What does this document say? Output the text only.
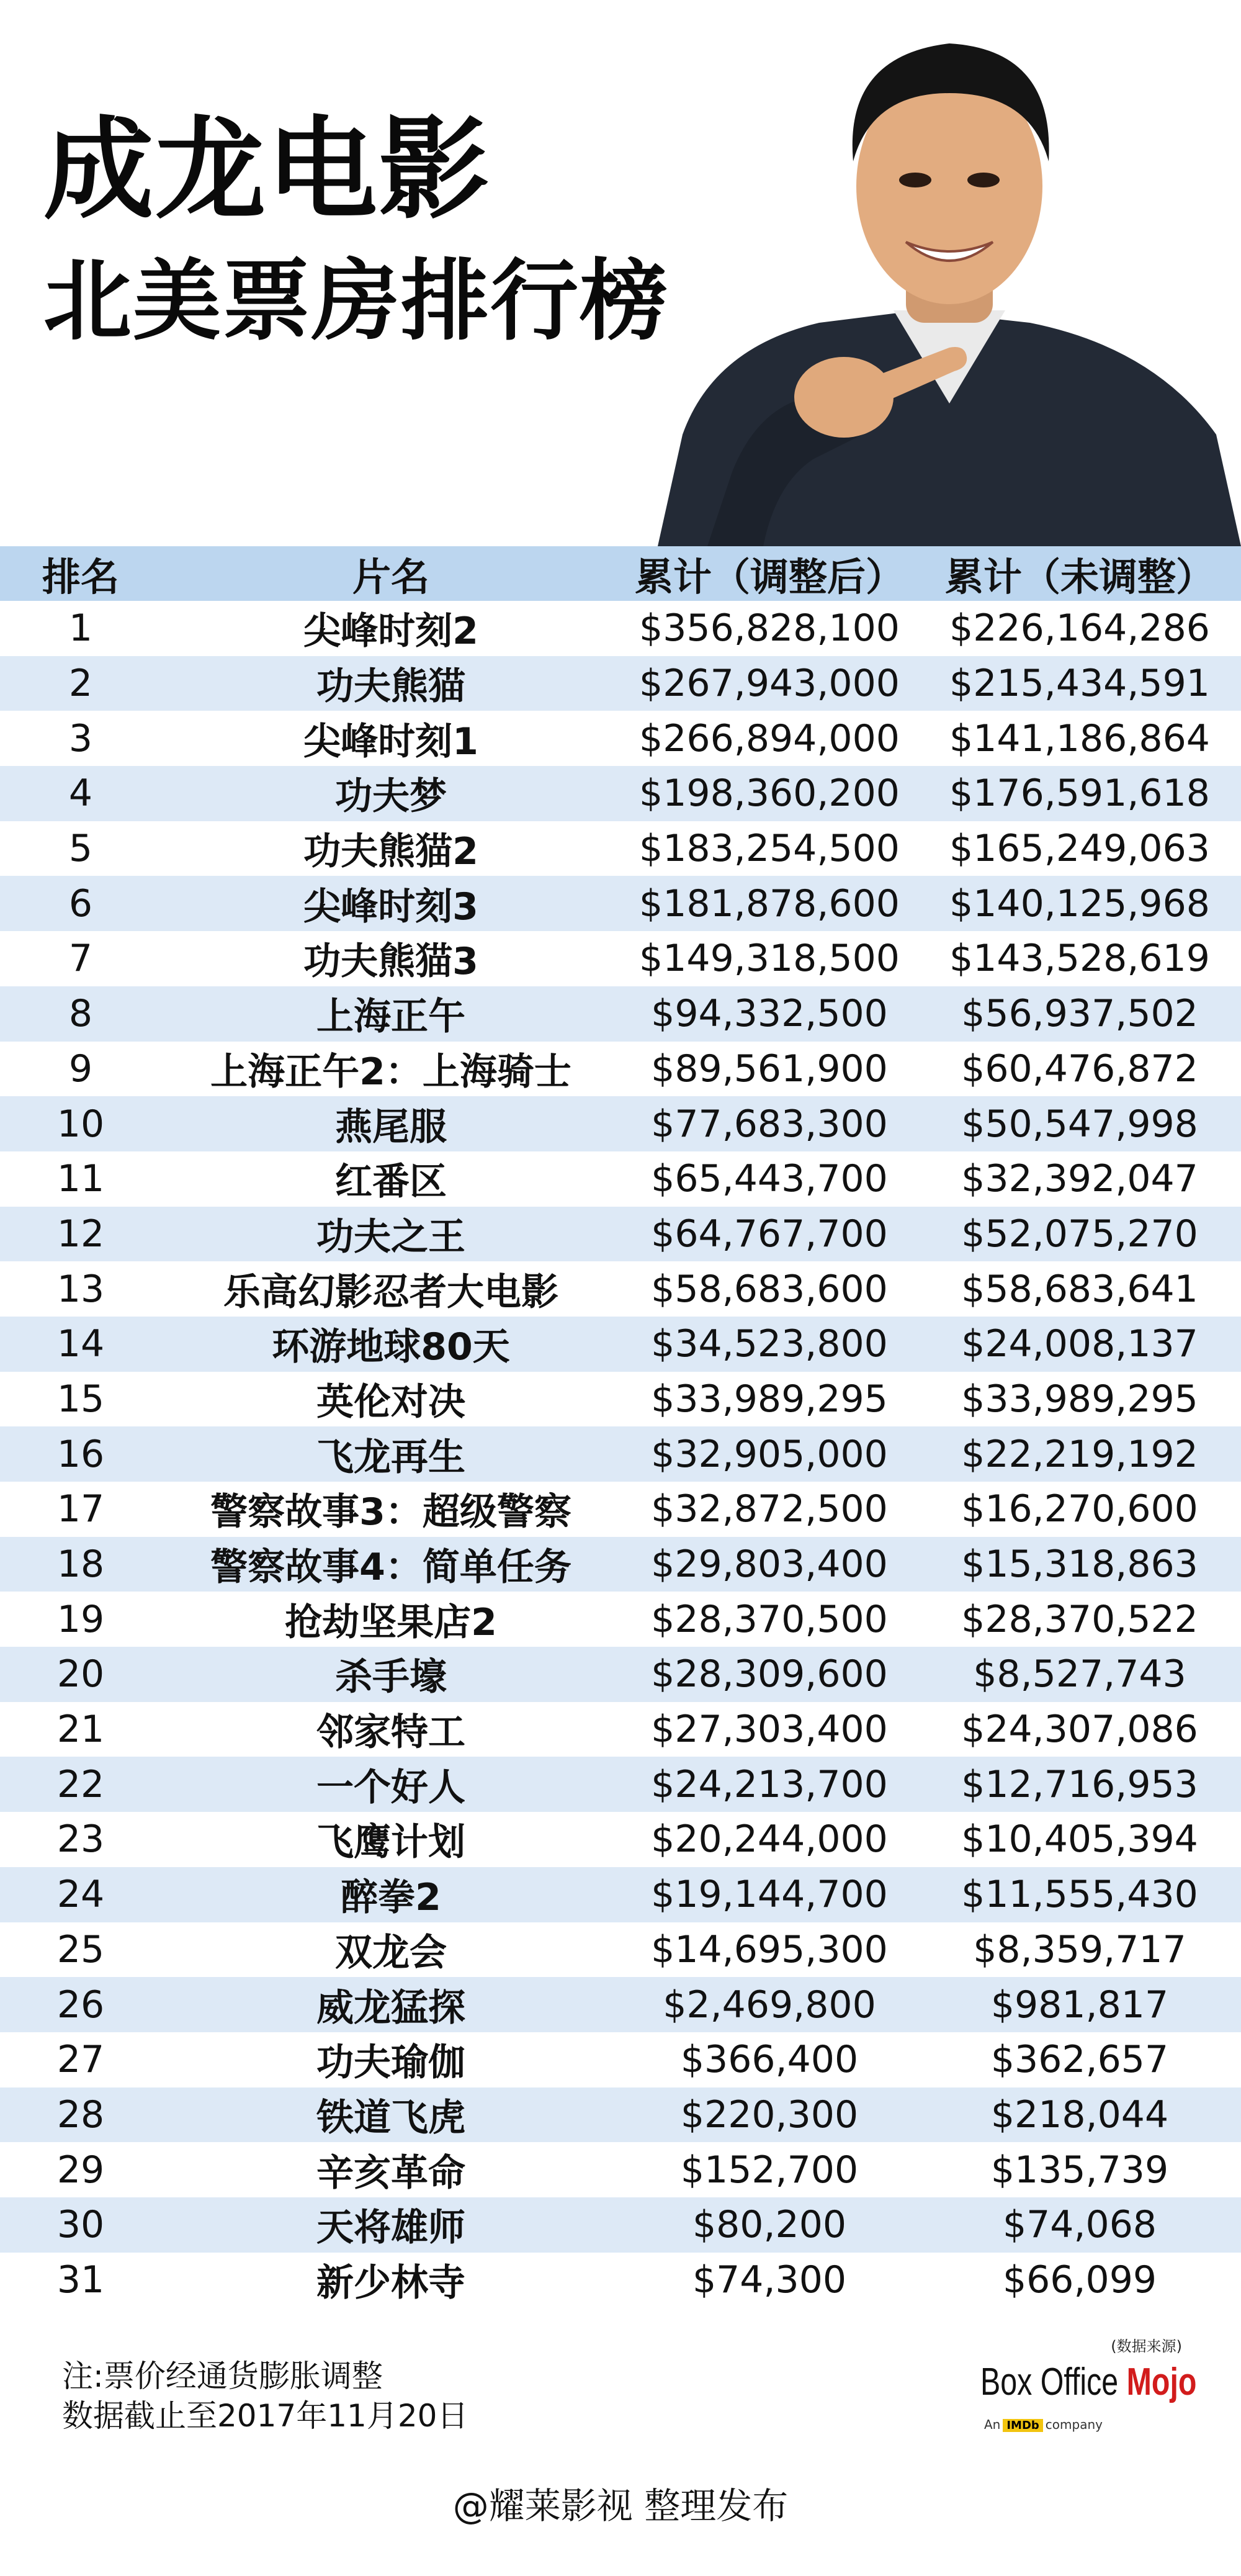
成龙电影
北美票房排行榜
排名	片名	累计（调整后）	累计（未调整）
1	尖峰时刻2	$356,828,100	$226,164,286
2	功夫熊猫	$267,943,000	$215,434,591
3	尖峰时刻1	$266,894,000	$141,186,864
4	功夫梦	$198,360,200	$176,591,618
5	功夫熊猫2	$183,254,500	$165,249,063
6	尖峰时刻3	$181,878,600	$140,125,968
7	功夫熊猫3	$149,318,500	$143,528,619
8	上海正午	$94,332,500	$56,937,502
9	上海正午2：上海骑士	$89,561,900	$60,476,872
10	燕尾服	$77,683,300	$50,547,998
11	红番区	$65,443,700	$32,392,047
12	功夫之王	$64,767,700	$52,075,270
13	乐高幻影忍者大电影	$58,683,600	$58,683,641
14	环游地球80天	$34,523,800	$24,008,137
15	英伦对决	$33,989,295	$33,989,295
16	飞龙再生	$32,905,000	$22,219,192
17	警察故事3：超级警察	$32,872,500	$16,270,600
18	警察故事4：简单任务	$29,803,400	$15,318,863
19	抢劫坚果店2	$28,370,500	$28,370,522
20	杀手壕	$28,309,600	$8,527,743
21	邻家特工	$27,303,400	$24,307,086
22	一个好人	$24,213,700	$12,716,953
23	飞鹰计划	$20,244,000	$10,405,394
24	醉拳2	$19,144,700	$11,555,430
25	双龙会	$14,695,300	$8,359,717
26	威龙猛探	$2,469,800	$981,817
27	功夫瑜伽	$366,400	$362,657
28	铁道飞虎	$220,300	$218,044
29	辛亥革命	$152,700	$135,739
30	天将雄师	$80,200	$74,068
31	新少林寺	$74,300	$66,099
注:票价经通货膨胀调整
数据截止至2017年11月20日
(数据来源)
Box Office Mojo
An IMDb company
@耀莱影视 整理发布
